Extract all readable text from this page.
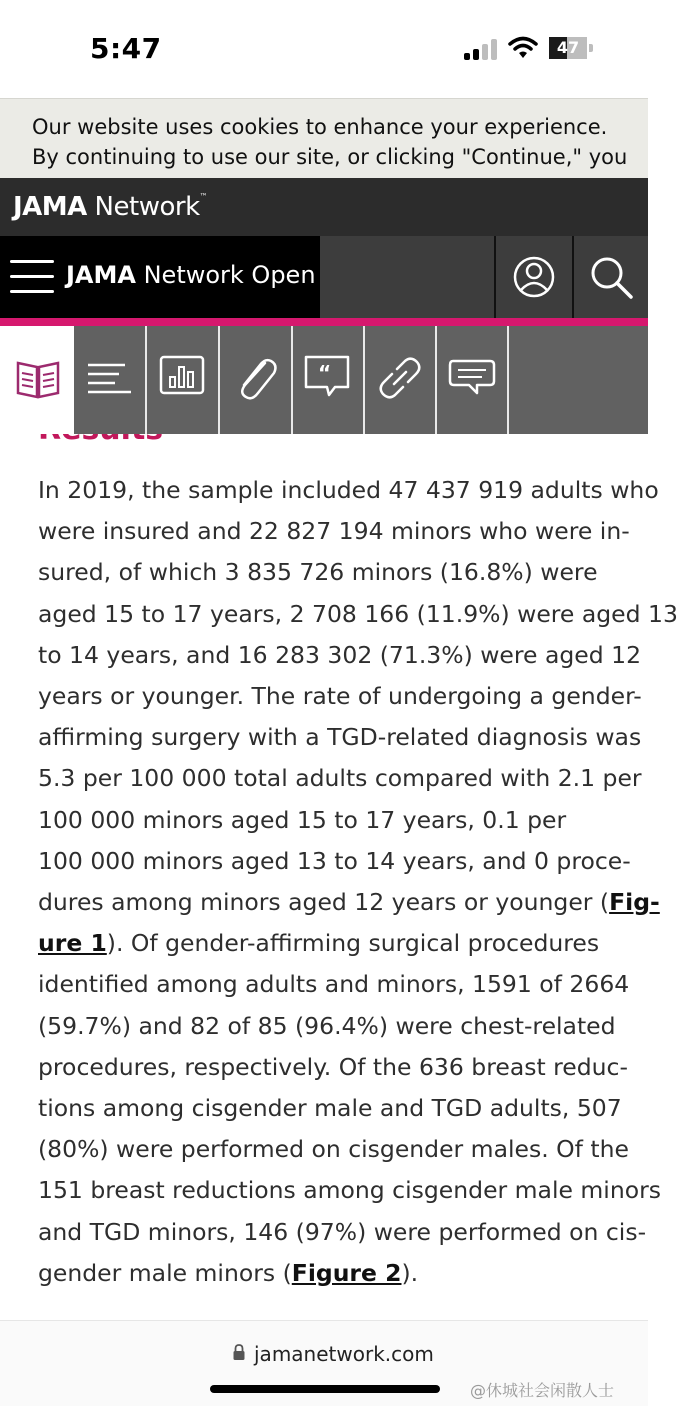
5:47	47

Our website uses cookies to enhance your experience. By continuing to use our site, or clicking "Continue," you

JAMA Network™
JAMA Network Open
“

In 2019, the sample included 47 437 919 adults who
were insured and 22 827 194 minors who were in-
sured, of which 3 835 726 minors (16.8%) were
aged 15 to 17 years, 2 708 166 (11.9%) were aged 13
to 14 years, and 16 283 302 (71.3%) were aged 12
years or younger. The rate of undergoing a gender-
affirming surgery with a TGD-related diagnosis was
5.3 per 100 000 total adults compared with 2.1 per
100 000 minors aged 15 to 17 years, 0.1 per
100 000 minors aged 13 to 14 years, and 0 proce-
dures among minors aged 12 years or younger (Fig-
ure 1). Of gender-affirming surgical procedures
identified among adults and minors, 1591 of 2664
(59.7%) and 82 of 85 (96.4%) were chest-related
procedures, respectively. Of the 636 breast reduc-
tions among cisgender male and TGD adults, 507
(80%) were performed on cisgender males. Of the
151 breast reductions among cisgender male minors
and TGD minors, 146 (97%) were performed on cis-
gender male minors (Figure 2).

jamanetwork.com
@休城社会闲散人士
